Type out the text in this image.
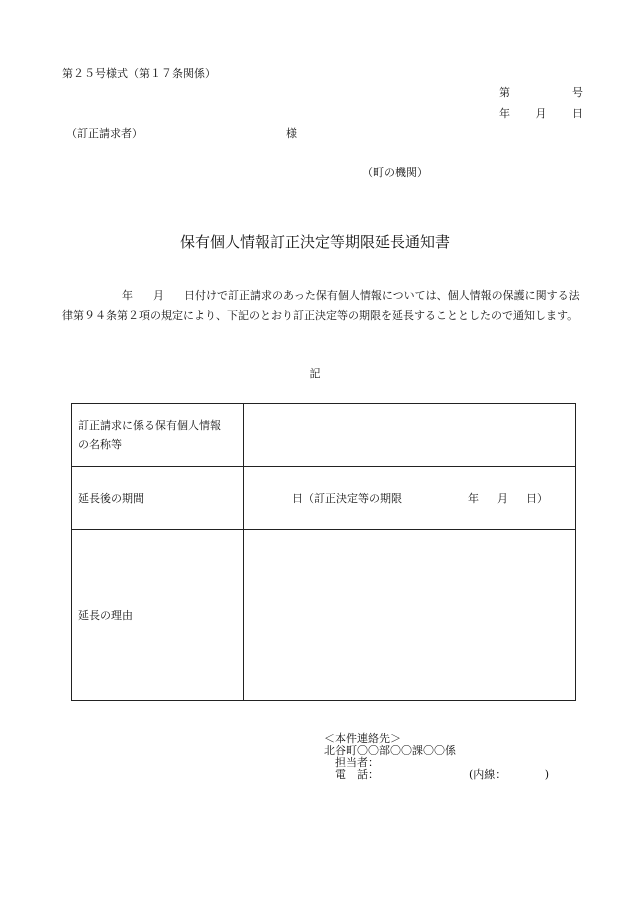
第２５号様式（第１７条関係）
第	号
年 月 日
（訂正請求者）	様
（町の機関）
保有個人情報訂正決定等期限延長通知書
年 月 日付けで訂正請求のあった保有個人情報については、個人情報の保護に関する法律第９４条第２項の規定により、下記のとおり訂正決定等の期限を延長することとしたので通知します。
記
訂正請求に係る保有個人情報
の名称等	

延長後の期間	日（訂正決定等の期限 年 月 日）

延長の理由	
＜本件連絡先＞
北谷町〇〇部〇〇課〇〇係
担当者：
電　話：	(内線：　　　　)
